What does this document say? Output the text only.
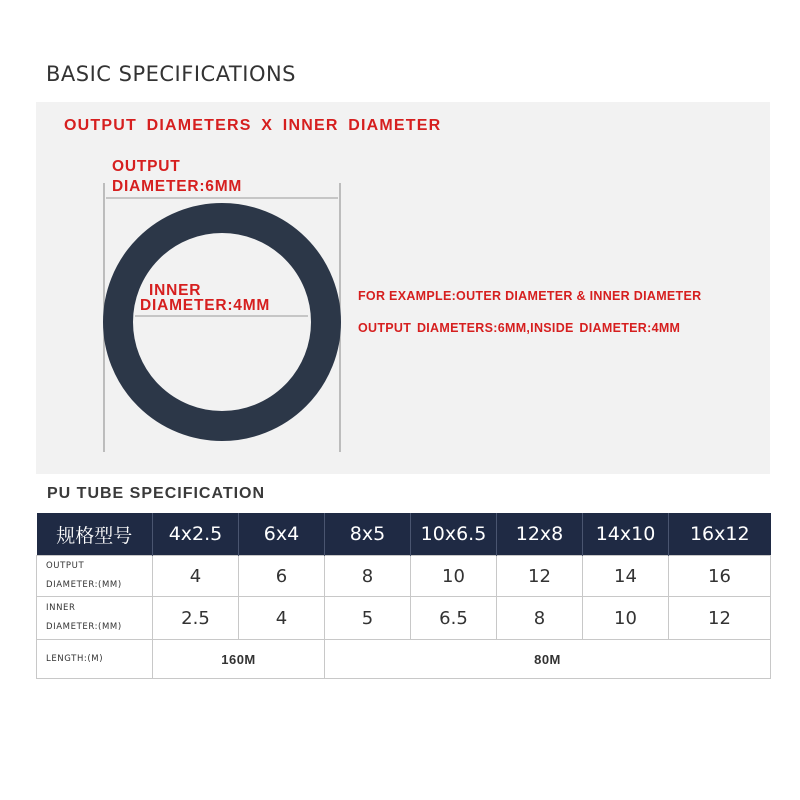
BASIC SPECIFICATIONS
OUTPUT DIAMETERS X INNER DIAMETER
OUTPUT
DIAMETER:6MM
INNER
DIAMETER:4MM
FOR EXAMPLE:OUTER DIAMETER & INNER DIAMETER
OUTPUT DIAMETERS:6MM,INSIDE DIAMETER:4MM
PU TUBE SPECIFICATION
规格型号	4x2.5	6x4	8x5	10x6.5	12x8	14x10	16x12

OUTPUT
DIAMETER:(MM)	4	6	8	10	12	14	16

INNER
DIAMETER:(MM)	2.5	4	5	6.5	8	10	12
LENGTH:(M)	160M		80M				
